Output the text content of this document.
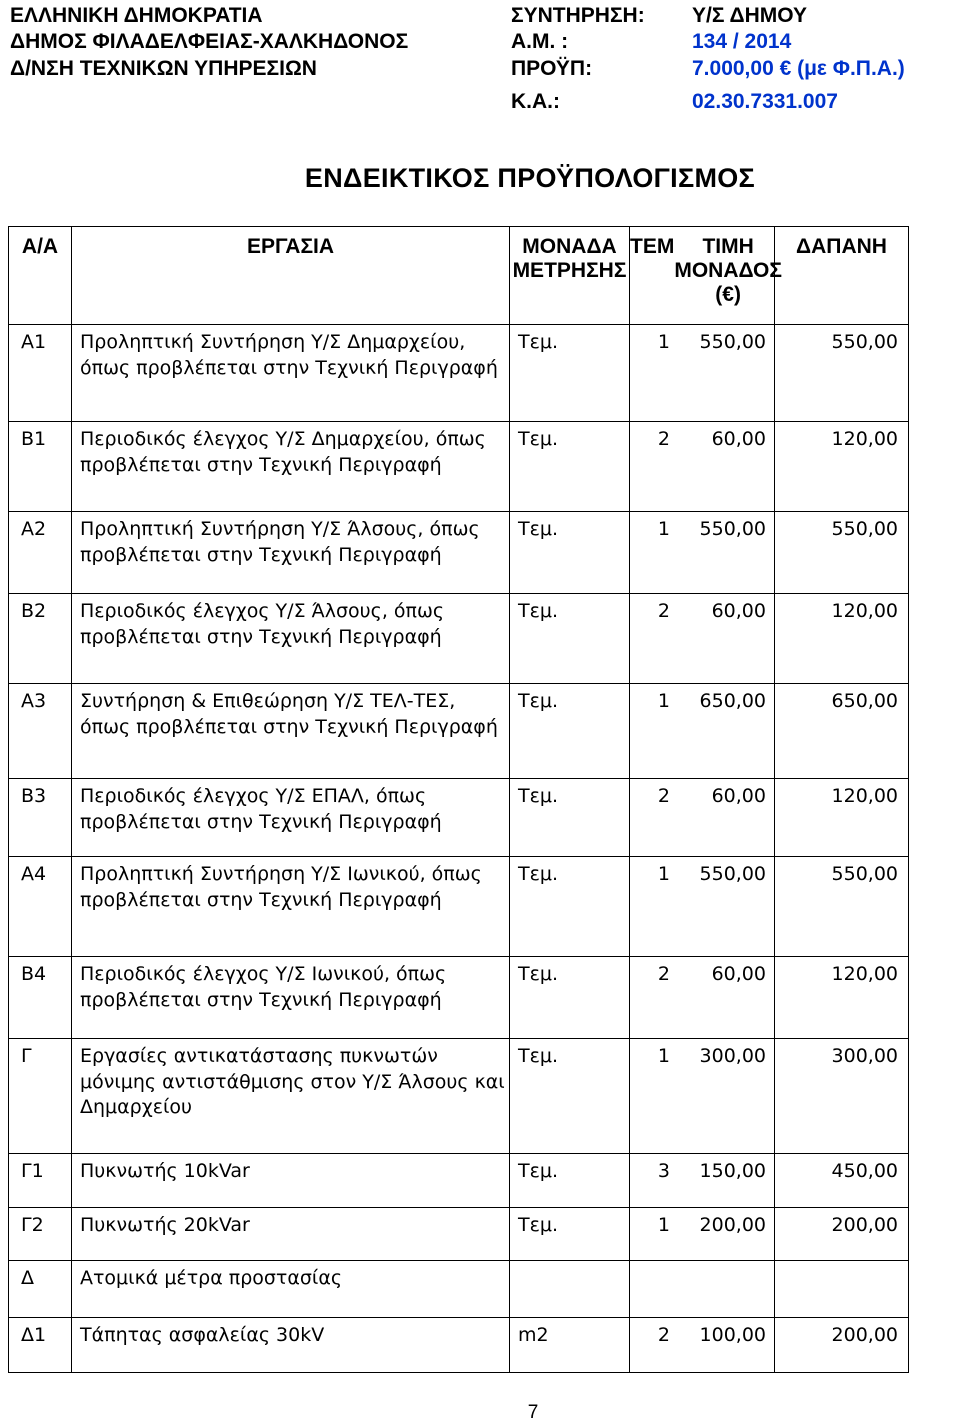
ΕΛΛΗΝΙΚΗ ΔΗΜΟΚΡΑΤΙΑ
ΔΗΜΟΣ ΦΙΛΑΔΕΛΦΕΙΑΣ-ΧΑΛΚΗΔΟΝΟΣ
Δ/ΝΣΗ ΤΕΧΝΙΚΩΝ ΥΠΗΡΕΣΙΩΝ
ΣΥΝΤΗΡΗΣΗ: Υ/Σ ΔΗΜΟΥ
Α.Μ. :	134 / 2014
ΠΡΟΫΠ:	7.000,00 € (με Φ.Π.Α.)
Κ.Α.:	02.30.7331.007
ΕΝΔΕΙΚΤΙΚΟΣ ΠΡΟΫΠΟΛΟΓΙΣΜΟΣ
Α/Α	ΕΡΓΑΣΙΑ	ΜΟΝΑΔΑ ΜΕΤΡΗΣΗΣ	ΤΕΜ ΤΙΜΗ ΜΟΝΑΔΟΣ (€)	ΔΑΠΑΝΗ
Α1	Προληπτική Συντήρηση Υ/Σ Δημαρχείου, όπως προβλέπεται στην Τεχνική Περιγραφή	Τεμ.	1 550,00	550,00
Β1	Περιοδικός έλεγχος Υ/Σ Δημαρχείου, όπως προβλέπεται στην Τεχνική Περιγραφή	Τεμ.	2 60,00	120,00
Α2	Προληπτική Συντήρηση Υ/Σ Άλσους, όπως προβλέπεται στην Τεχνική Περιγραφή	Τεμ.	1 550,00	550,00
Β2	Περιοδικός έλεγχος Υ/Σ Άλσους, όπως προβλέπεται στην Τεχνική Περιγραφή	Τεμ.	2 60,00	120,00
Α3	Συντήρηση & Επιθεώρηση Υ/Σ ΤΕΛ-ΤΕΣ, όπως προβλέπεται στην Τεχνική Περιγραφή	Τεμ.	1 650,00	650,00
Β3	Περιοδικός έλεγχος Υ/Σ ΕΠΑΛ, όπως προβλέπεται στην Τεχνική Περιγραφή	Τεμ.	2 60,00	120,00
Α4	Προληπτική Συντήρηση Υ/Σ Ιωνικού, όπως προβλέπεται στην Τεχνική Περιγραφή	Τεμ.	1 550,00	550,00
Β4	Περιοδικός έλεγχος Υ/Σ Ιωνικού, όπως προβλέπεται στην Τεχνική Περιγραφή	Τεμ.	2 60,00	120,00
Γ	Εργασίες αντικατάστασης πυκνωτών μόνιμης αντιστάθμισης στον Υ/Σ Άλσους και Δημαρχείου	Τεμ.	1 300,00	300,00
Γ1	Πυκνωτής 10kVar	Τεμ.	3 150,00	450,00
Γ2	Πυκνωτής 20kVar	Τεμ.	1 200,00	200,00
Δ	Ατομικά μέτρα προστασίας			
Δ1	Τάπητας ασφαλείας 30kV	m2	2 100,00	200,00
7
